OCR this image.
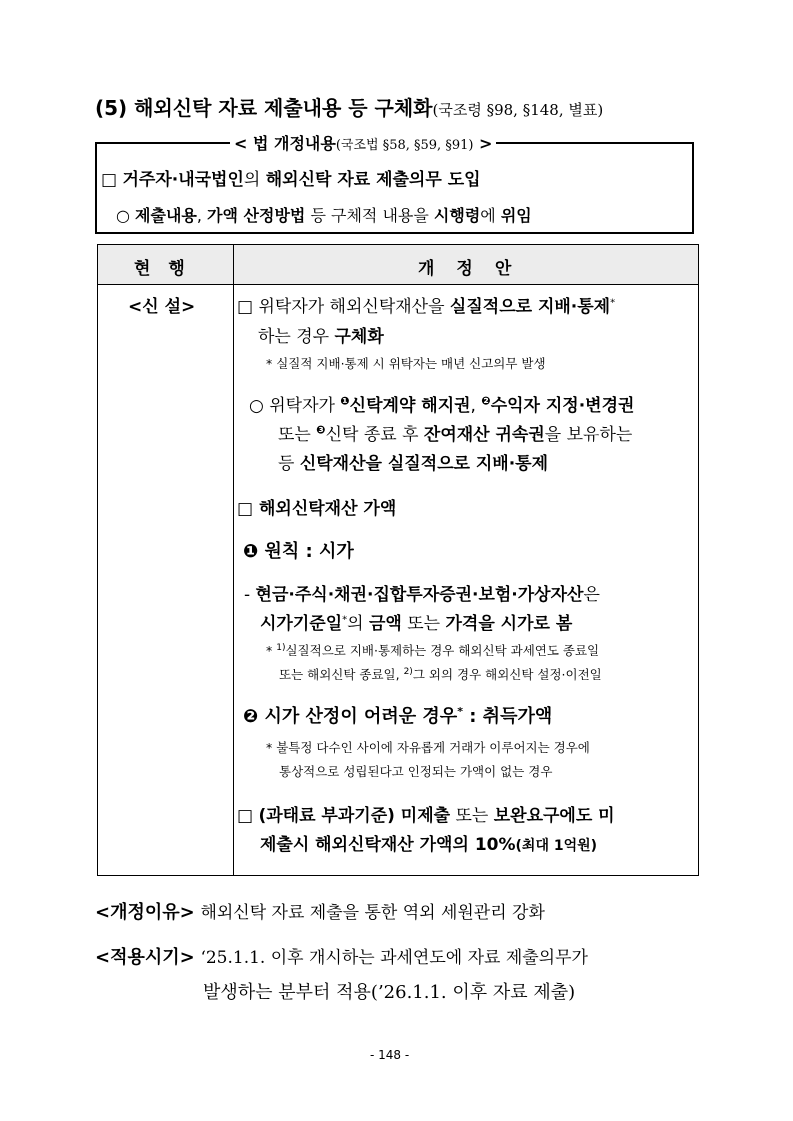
(5) 해외신탁 자료 제출내용 등 구체화(국조령 §98, §148, 별표)
< 법 개정내용(국조법 §58, §59, §91) >
□ 거주자·내국법인의 해외신탁 자료 제출의무 도입
○ 제출내용, 가액 산정방법 등 구체적 내용을 시행령에 위임
현행	개정안
<신 설> □ 위탁자가 해외신탁재산을 실질적으로 지배·통제*
하는 경우 구체화
* 실질적 지배·통제 시 위탁자는 매년 신고의무 발생
○ 위탁자가 $^❶$신탁계약 해지권, $^❷$수익자 지정·변경권
또는 $^❸$신탁 종료 후 잔여재산 귀속권을 보유하는
등 신탁재산을 실질적으로 지배·통제
□ 해외신탁재산 가액
❶ 원칙 : 시가
- 현금·주식·채권·집합투자증권·보험·가상자산은
시가기준일*의 금액 또는 가격을 시가로 봄
* $^{1)}$실질적으로 지배·통제하는 경우 해외신탁 과세연도 종료일
또는 해외신탁 종료일, $^{2)}$그 외의 경우 해외신탁 설정·이전일
❷ 시가 산정이 어려운 경우* : 취득가액
* 불특정 다수인 사이에 자유롭게 거래가 이루어지는 경우에
통상적으로 성립된다고 인정되는 가액이 없는 경우
□ (과태료 부과기준) 미제출 또는 보완요구에도 미
제출시 해외신탁재산 가액의 10%(최대 1억원)
<개정이유> 해외신탁 자료 제출을 통한 역외 세원관리 강화
<적용시기> ‘25.1.1. 이후 개시하는 과세연도에 자료 제출의무가
발생하는 분부터 적용(’26.1.1. 이후 자료 제출)
- 148 -
